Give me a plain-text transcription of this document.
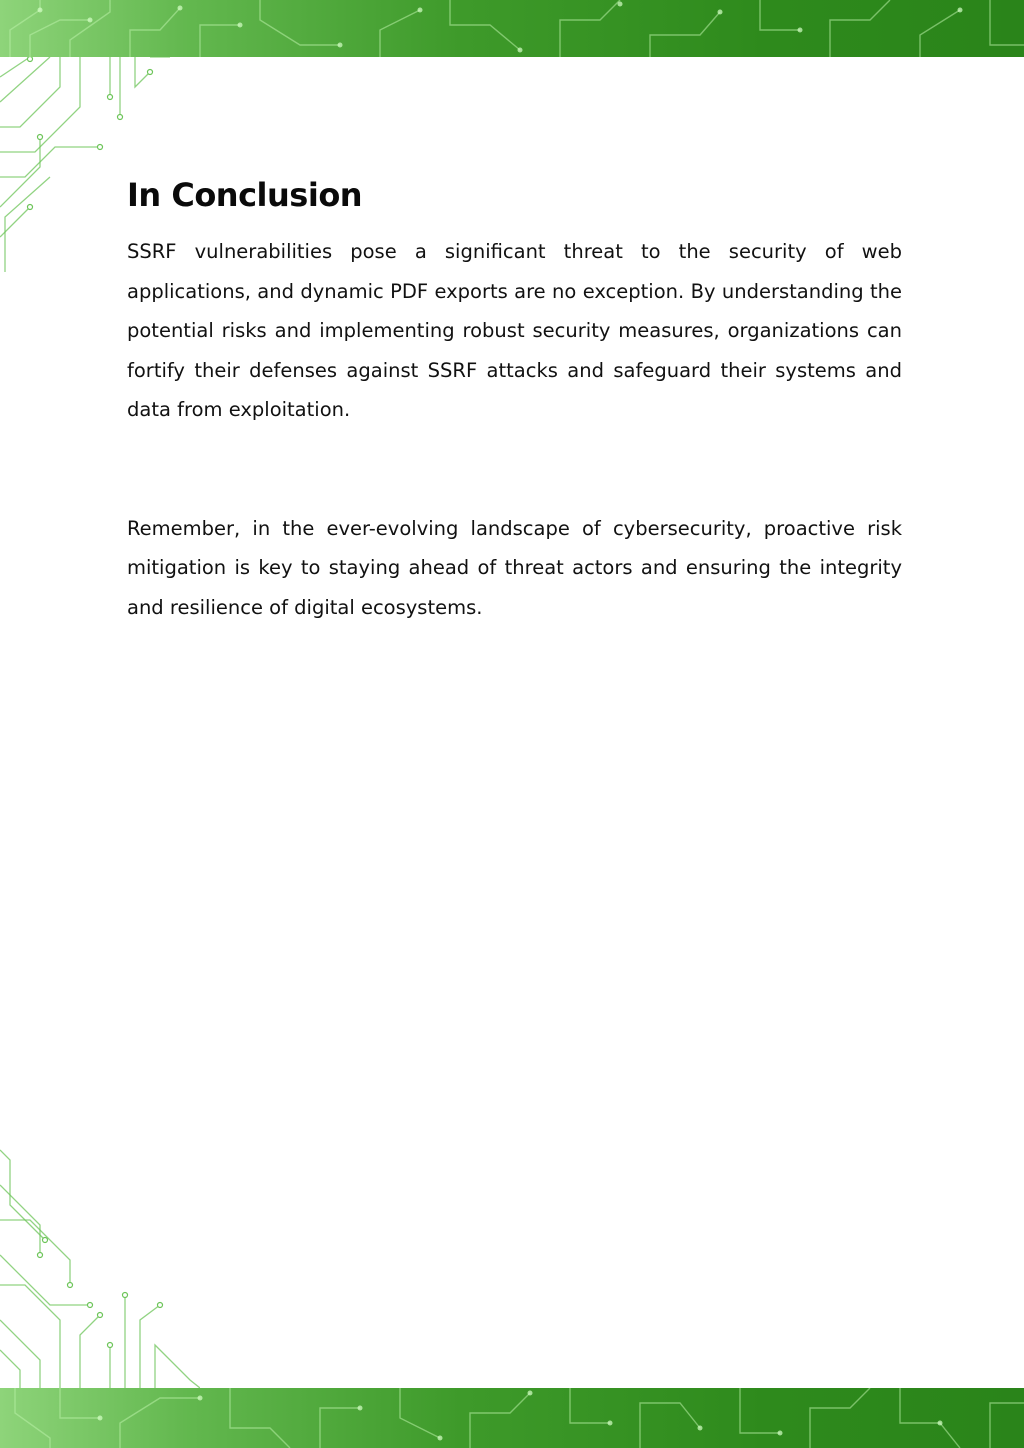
In Conclusion

SSRF vulnerabilities pose a significant threat to the security of web applications, and dynamic PDF exports are no exception. By understanding the potential risks and implementing robust security measures, organizations can fortify their defenses against SSRF attacks and safeguard their systems and data from exploitation.

Remember, in the ever-evolving landscape of cybersecurity, proactive risk mitigation is key to staying ahead of threat actors and ensuring the integrity and resilience of digital ecosystems.
